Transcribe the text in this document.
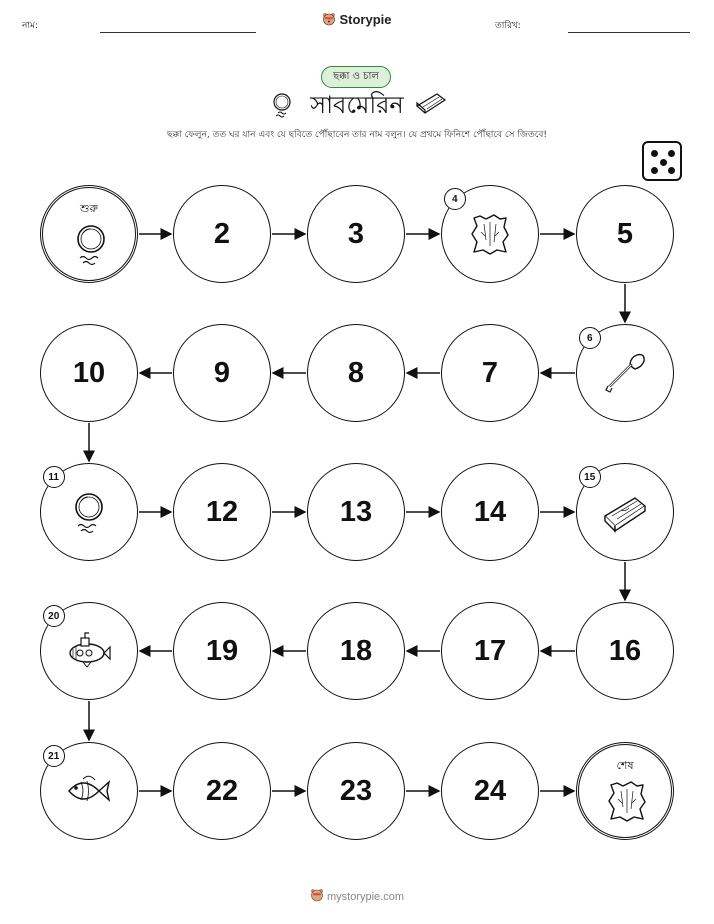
নাম:	Storypie	তারিখ:
ছক্কা ও চাল
সাবমেরিন
ছক্কা ফেলুন, তত ঘর যান এবং যে ছবিতে পৌঁছাবেন তার নাম বলুন। যে প্রথমে ফিনিশে পৌঁছাবে সে জিতবে!
শুরু
2	3
4
5
6
7
8
9
10
11
12	13	14
15
16
17
18
19
20
21
22	23	24
শেষ
mystorypie.com
